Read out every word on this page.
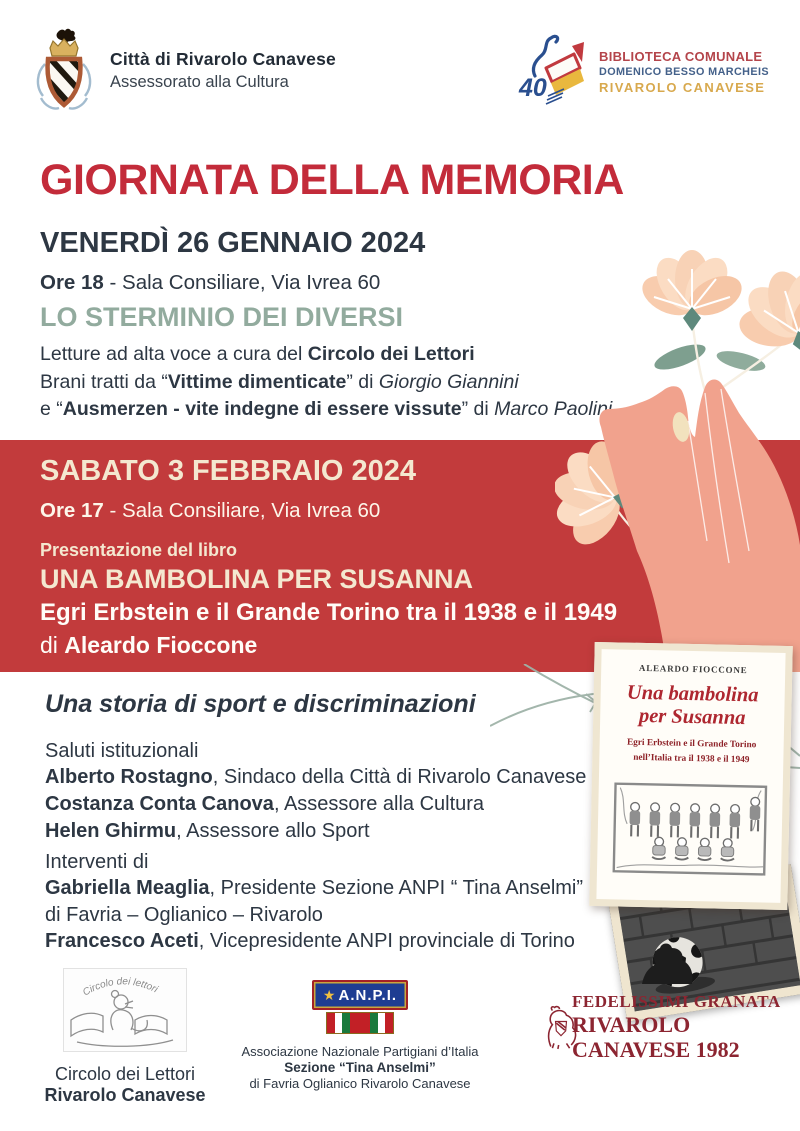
Città di Rivarolo Canavese
Assessorato alla Cultura	40
BIBLIOTECA COMUNALE
DOMENICO BESSO MARCHEIS
RIVAROLO CANAVESE
GIORNATA DELLA MEMORIA
VENERDÌ 26 GENNAIO 2024
Ore 18 - Sala Consiliare, Via Ivrea 60
LO STERMINIO DEI DIVERSI
Letture ad alta voce a cura del Circolo dei Lettori
Brani tratti da “Vittime dimenticate” di Giorgio Giannini
e “Ausmerzen - vite indegne di essere vissute” di Marco Paolini
SABATO 3 FEBBRAIO 2024
Ore 17 - Sala Consiliare, Via Ivrea 60
Presentazione del libro
UNA BAMBOLINA PER SUSANNA
Egri Erbstein e il Grande Torino tra il 1938 e il 1949
di Aleardo Fioccone
Una storia di sport e discriminazioni
Saluti istituzionali
Alberto Rostagno, Sindaco della Città di Rivarolo Canavese
Costanza Conta Canova, Assessore alla Cultura
Helen Ghirmu, Assessore allo Sport
Interventi di
Gabriella Meaglia, Presidente Sezione ANPI “ Tina Anselmi”
di Favria – Oglianico – Rivarolo
Francesco Aceti, Vicepresidente ANPI provinciale di Torino
ALEARDO FIOCCONE
Una bambolina
per Susanna
Egri Erbstein e il Grande Torino
nell’Italia tra il 1938 e il 1949
Circolo dei lettori
Circolo dei Lettori
Rivarolo Canavese
★ A.N.P.I.
Associazione Nazionale Partigiani d’Italia
Sezione “Tina Anselmi”
di Favria Oglianico Rivarolo Canavese
FEDELISSIMI GRANATA
RIVAROLO CANAVESE 1982
